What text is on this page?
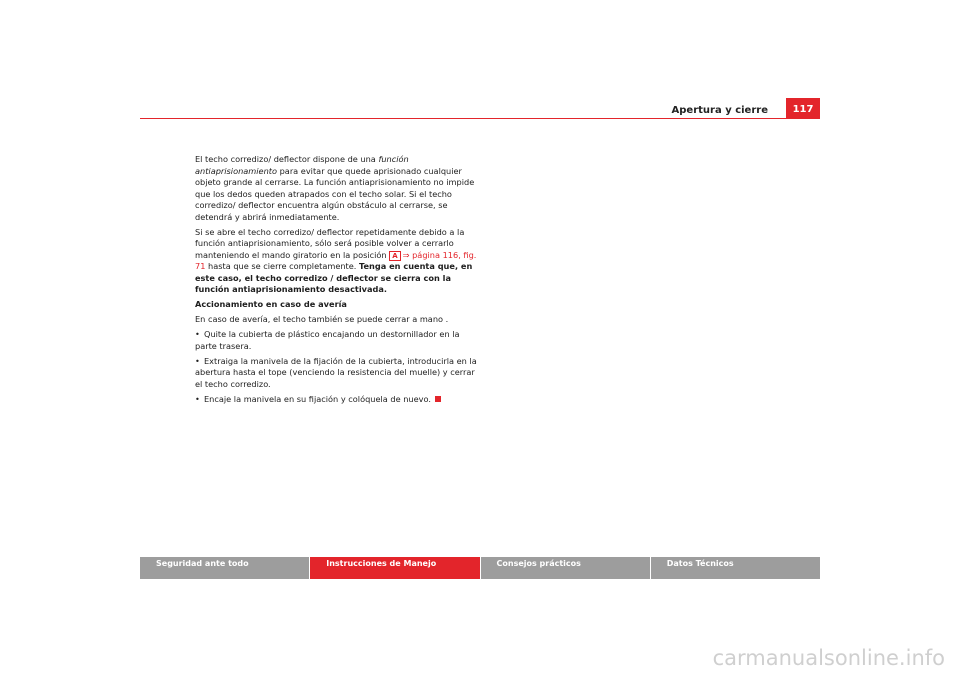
Apertura y cierre	117

El techo corredizo/ deflector dispone de una función antiaprisionamiento para evitar que quede aprisionado cualquier objeto grande al cerrarse. La función antiaprisionamiento no impide que los dedos queden atrapados con el techo solar. Si el techo corredizo/ deflector encuentra algún obstáculo al cerrarse, se detendrá y abrirá inmediatamente.

Si se abre el techo corredizo/ deflector repetidamente debido a la función antiaprisionamiento, sólo será posible volver a cerrarlo manteniendo el mando giratorio en la posición A ⇒ página 116, fig. 71 hasta que se cierre completamente. Tenga en cuenta que, en este caso, el techo corredizo / deflector se cierra con la función antiaprisionamiento desactivada.

Accionamiento en caso de avería

En caso de avería, el techo también se puede cerrar a mano .

• Quite la cubierta de plástico encajando un destornillador en la parte trasera.

• Extraiga la manivela de la fijación de la cubierta, introducirla en la abertura hasta el tope (venciendo la resistencia del muelle) y cerrar el techo corredizo.

• Encaje la manivela en su fijación y colóquela de nuevo.

Seguridad ante todo	Instrucciones de Manejo	Consejos prácticos	Datos Técnicos
carmanualsonline.info
